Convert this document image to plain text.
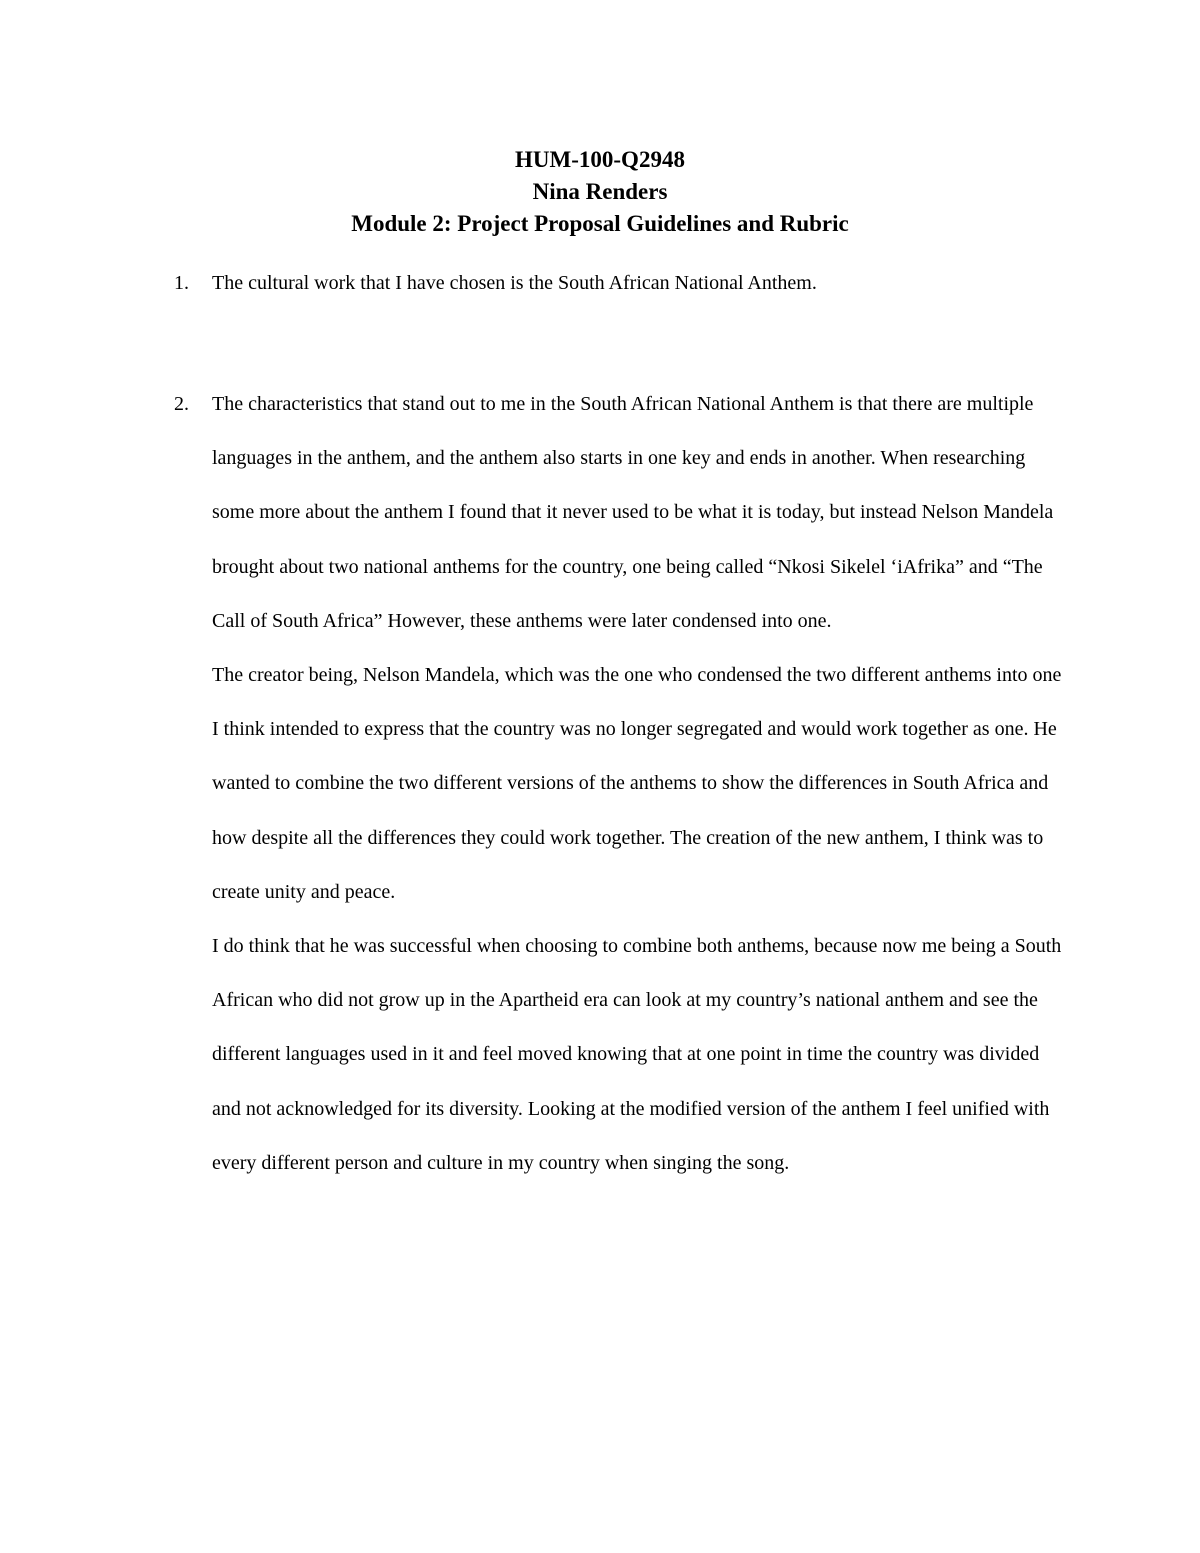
HUM-100-Q2948
Nina Renders
Module 2: Project Proposal Guidelines and Rubric
1.	The cultural work that I have chosen is the South African National Anthem.

2.	The characteristics that stand out to me in the South African National Anthem is that there are multiple languages in the anthem, and the anthem also starts in one key and ends in another. When researching some more about the anthem I found that it never used to be what it is today, but instead Nelson Mandela brought about two national anthems for the country, one being called “Nkosi Sikelel ‘iAfrika” and “The Call of South Africa” However, these anthems were later condensed into one.

The creator being, Nelson Mandela, which was the one who condensed the two different anthems into one I think intended to express that the country was no longer segregated and would work together as one. He wanted to combine the two different versions of the anthems to show the differences in South Africa and how despite all the differences they could work together. The creation of the new anthem, I think was to create unity and peace.

I do think that he was successful when choosing to combine both anthems, because now me being a South African who did not grow up in the Apartheid era can look at my country’s national anthem and see the different languages used in it and feel moved knowing that at one point in time the country was divided and not acknowledged for its diversity. Looking at the modified version of the anthem I feel unified with every different person and culture in my country when singing the song.
